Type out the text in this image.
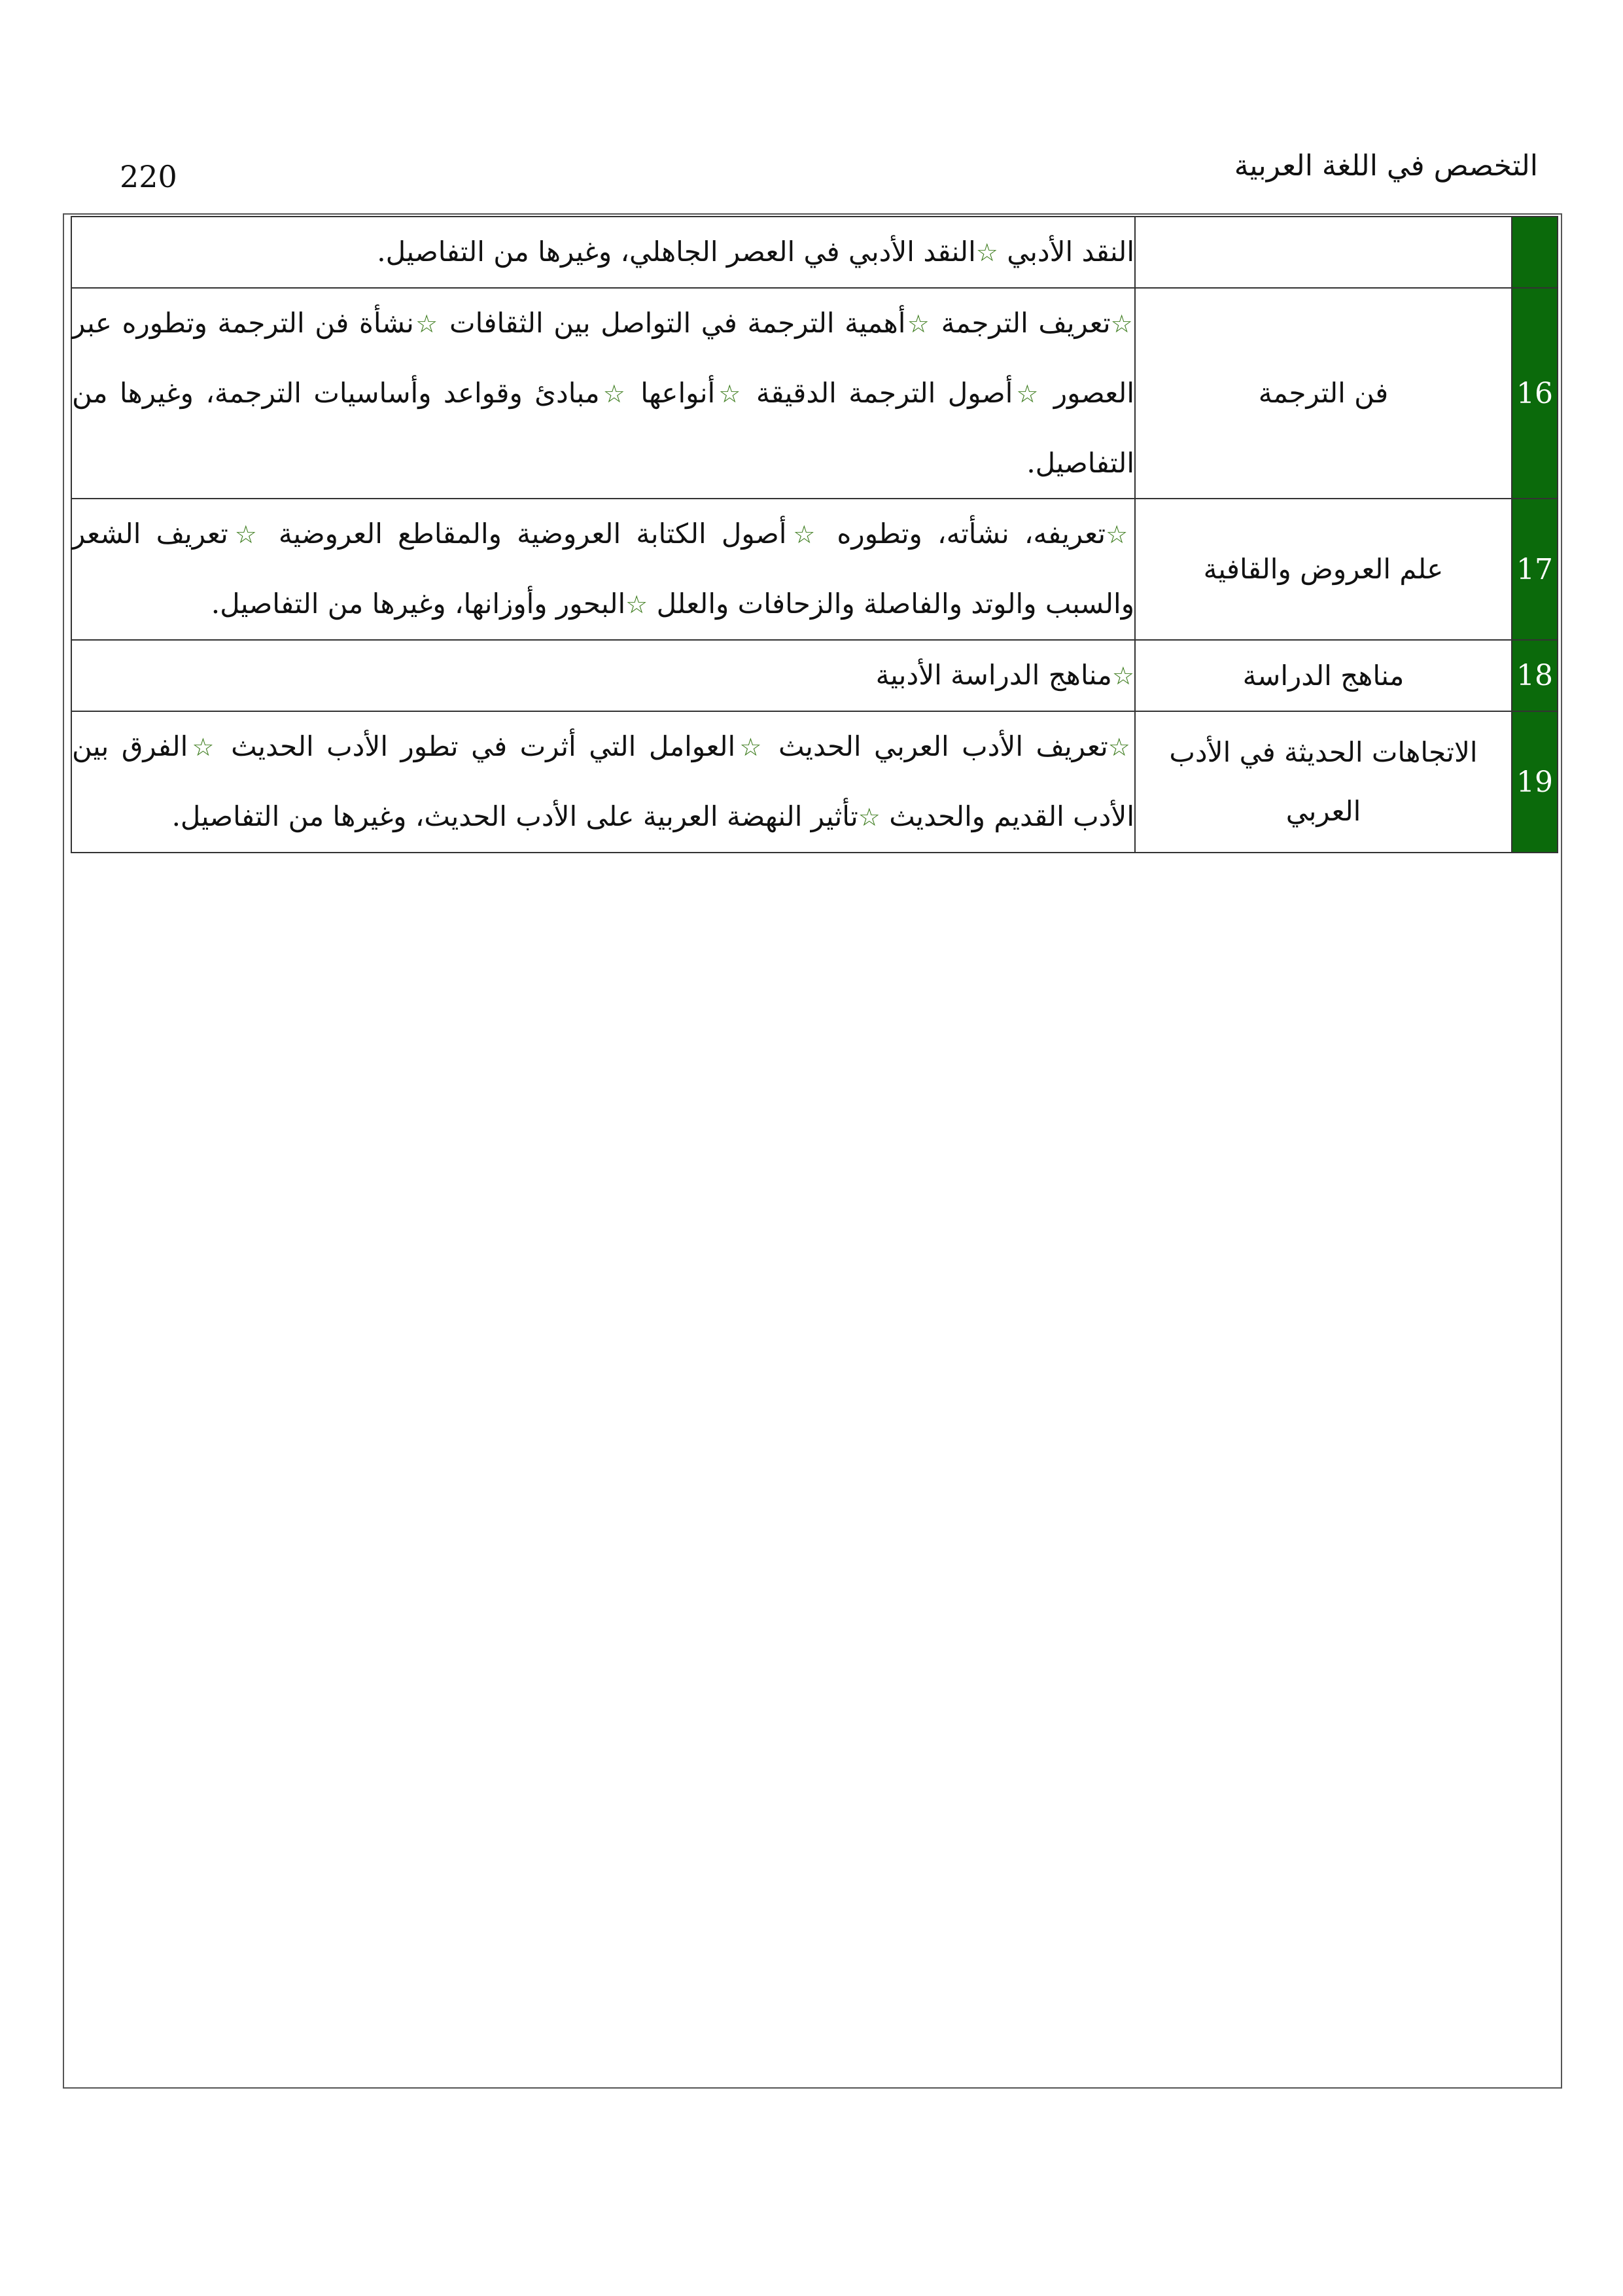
التخصص في اللغة العربية
220
		النقد الأدبي ☆النقد الأدبي في العصر الجاهلي، وغيرها من التفاصيل.
16	فن الترجمة	☆تعريف الترجمة ☆أهمية الترجمة في التواصل بين الثقافات ☆نشأة فن الترجمة وتطوره عبر العصور ☆أصول الترجمة الدقيقة ☆أنواعها ☆مبادئ وقواعد وأساسيات الترجمة، وغيرها من التفاصيل.
17	علم العروض والقافية	☆تعريفه، نشأته، وتطوره ☆أصول الكتابة العروضية والمقاطع العروضية ☆تعريف الشعر والسبب والوتد والفاصلة والزحافات والعلل ☆البحور وأوزانها، وغيرها من التفاصيل.
18	مناهج الدراسة	☆مناهج الدراسة الأدبية
19	الاتجاهات الحديثة في الأدب العربي	☆تعريف الأدب العربي الحديث ☆العوامل التي أثرت في تطور الأدب الحديث ☆الفرق بين الأدب القديم والحديث ☆تأثير النهضة العربية على الأدب الحديث، وغيرها من التفاصيل.
